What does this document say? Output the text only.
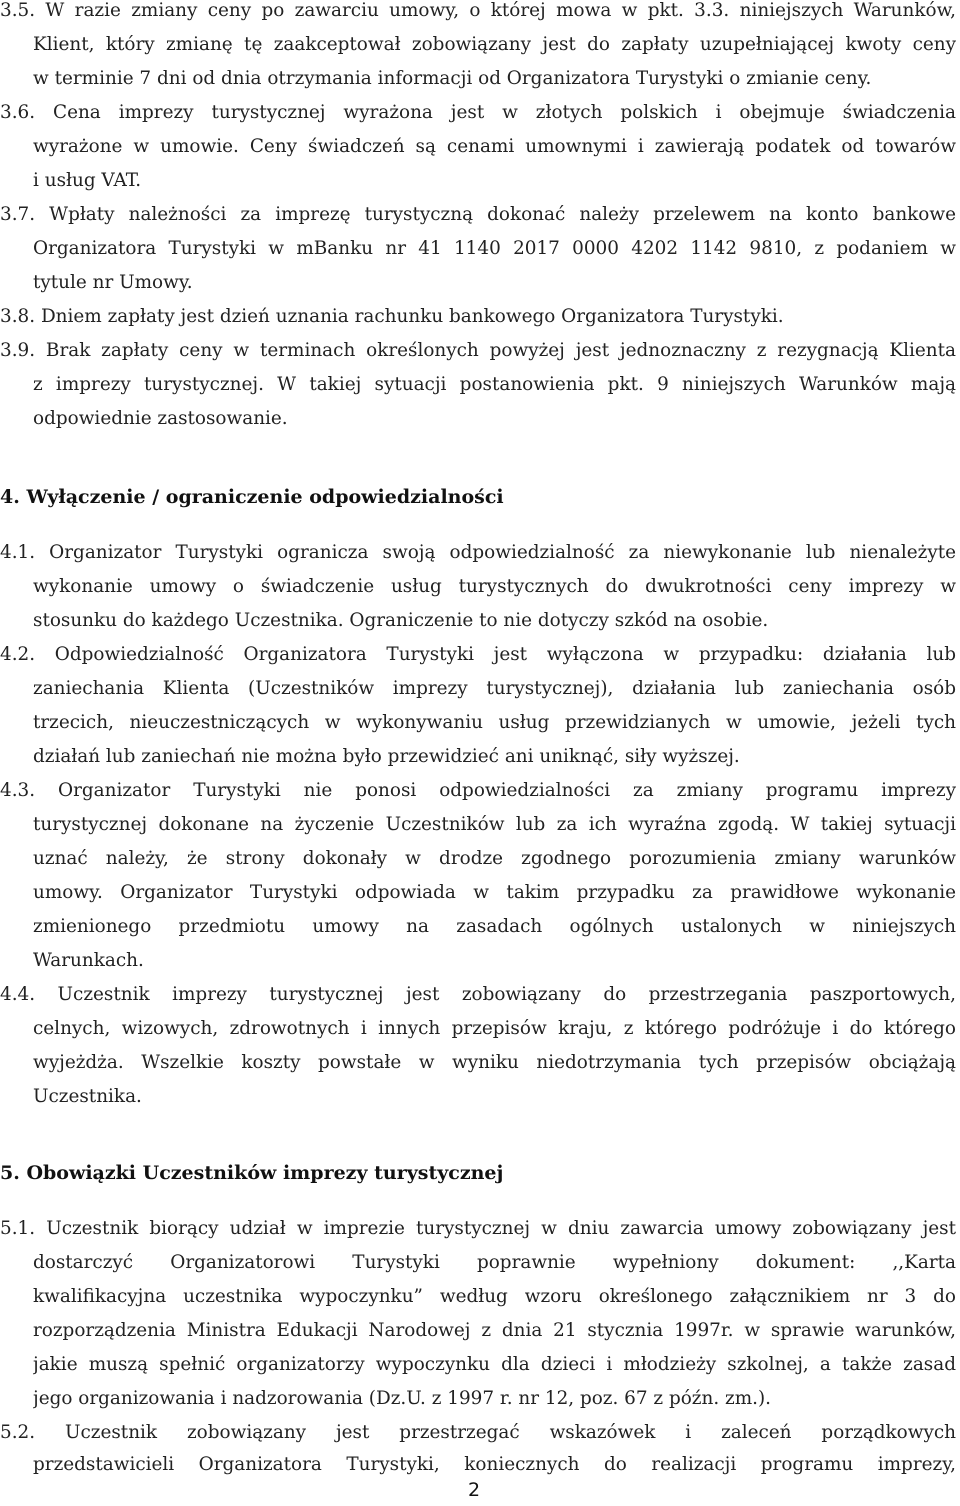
3.5. W razie zmiany ceny po zawarciu umowy, o której mowa w pkt. 3.3. niniejszych Warunków,

Klient, który zmianę tę zaakceptował zobowiązany jest do zapłaty uzupełniającej kwoty ceny

w terminie 7 dni od dnia otrzymania informacji od Organizatora Turystyki o zmianie ceny.

3.6. Cena imprezy turystycznej wyrażona jest w złotych polskich i obejmuje świadczenia

wyrażone w umowie. Ceny świadczeń są cenami umownymi i zawierają podatek od towarów

i usług VAT.

3.7. Wpłaty należności za imprezę turystyczną dokonać należy przelewem na konto bankowe

Organizatora Turystyki w mBanku nr 41 1140 2017 0000 4202 1142 9810, z podaniem w

tytule nr Umowy.

3.8. Dniem zapłaty jest dzień uznania rachunku bankowego Organizatora Turystyki.

3.9. Brak zapłaty ceny w terminach określonych powyżej jest jednoznaczny z rezygnacją Klienta

z imprezy turystycznej. W takiej sytuacji postanowienia pkt. 9 niniejszych Warunków mają

odpowiednie zastosowanie.

4. Wyłączenie / ograniczenie odpowiedzialności

4.1. Organizator Turystyki ogranicza swoją odpowiedzialność za niewykonanie lub nienależyte

wykonanie umowy o świadczenie usług turystycznych do dwukrotności ceny imprezy w

stosunku do każdego Uczestnika. Ograniczenie to nie dotyczy szkód na osobie.

4.2. Odpowiedzialność Organizatora Turystyki jest wyłączona w przypadku: działania lub

zaniechania Klienta (Uczestników imprezy turystycznej), działania lub zaniechania osób

trzecich, nieuczestniczących w wykonywaniu usług przewidzianych w umowie, jeżeli tych

działań lub zaniechań nie można było przewidzieć ani uniknąć, siły wyższej.

4.3. Organizator Turystyki nie ponosi odpowiedzialności za zmiany programu imprezy

turystycznej dokonane na życzenie Uczestników lub za ich wyraźna zgodą. W takiej sytuacji

uznać należy, że strony dokonały w drodze zgodnego porozumienia zmiany warunków

umowy. Organizator Turystyki odpowiada w takim przypadku za prawidłowe wykonanie

zmienionego przedmiotu umowy na zasadach ogólnych ustalonych w niniejszych

Warunkach.

4.4. Uczestnik imprezy turystycznej jest zobowiązany do przestrzegania paszportowych,

celnych, wizowych, zdrowotnych i innych przepisów kraju, z którego podróżuje i do którego

wyjeżdża. Wszelkie koszty powstałe w wyniku niedotrzymania tych przepisów obciążają

Uczestnika.

5. Obowiązki Uczestników imprezy turystycznej

5.1. Uczestnik biorący udział w imprezie turystycznej w dniu zawarcia umowy zobowiązany jest

dostarczyć Organizatorowi Turystyki poprawnie wypełniony dokument: ,,Karta

kwalifikacyjna uczestnika wypoczynku” według wzoru określonego załącznikiem nr 3 do

rozporządzenia Ministra Edukacji Narodowej z dnia 21 stycznia 1997r. w sprawie warunków,

jakie muszą spełnić organizatorzy wypoczynku dla dzieci i młodzieży szkolnej, a także zasad

jego organizowania i nadzorowania (Dz.U. z 1997 r. nr 12, poz. 67 z późn. zm.).

5.2. Uczestnik zobowiązany jest przestrzegać wskazówek i zaleceń porządkowych

przedstawicieli Organizatora Turystyki, koniecznych do realizacji programu imprezy,

2
